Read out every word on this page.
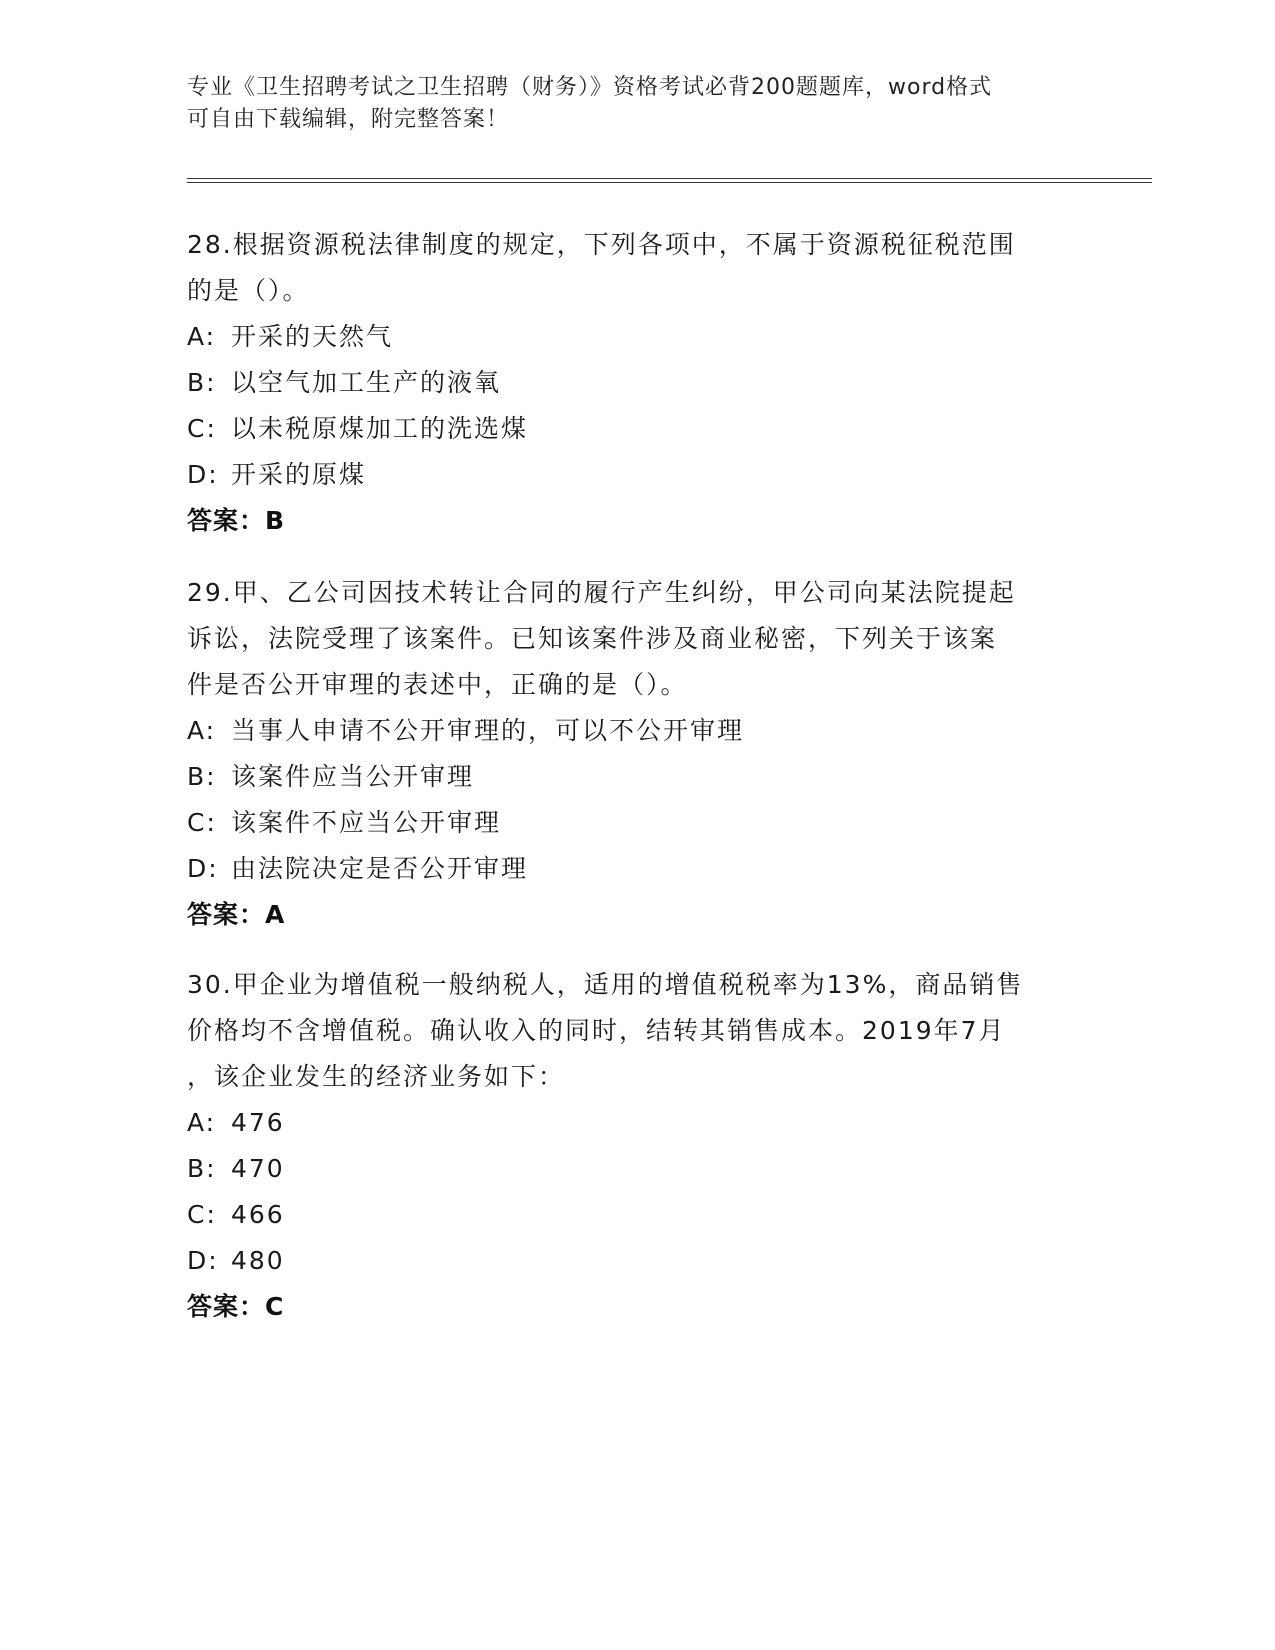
专业《卫生招聘考试之卫生招聘（财务）》资格考试必背200题题库，word格式
可自由下载编辑，附完整答案！
28.根据资源税法律制度的规定，下列各项中，不属于资源税征税范围
的是（）。
A: 开采的天然气
B: 以空气加工生产的液氧
C: 以未税原煤加工的洗选煤
D: 开采的原煤
答案：B
29.甲、乙公司因技术转让合同的履行产生纠纷，甲公司向某法院提起
诉讼，法院受理了该案件。已知该案件涉及商业秘密，下列关于该案
件是否公开审理的表述中，正确的是（）。
A: 当事人申请不公开审理的，可以不公开审理
B: 该案件应当公开审理
C: 该案件不应当公开审理
D: 由法院决定是否公开审理
答案：A
30.甲企业为增值税一般纳税人，适用的增值税税率为13%，商品销售
价格均不含增值税。确认收入的同时，结转其销售成本。2019年7月
，该企业发生的经济业务如下：
A: 476
B: 470
C: 466
D: 480
答案：C
